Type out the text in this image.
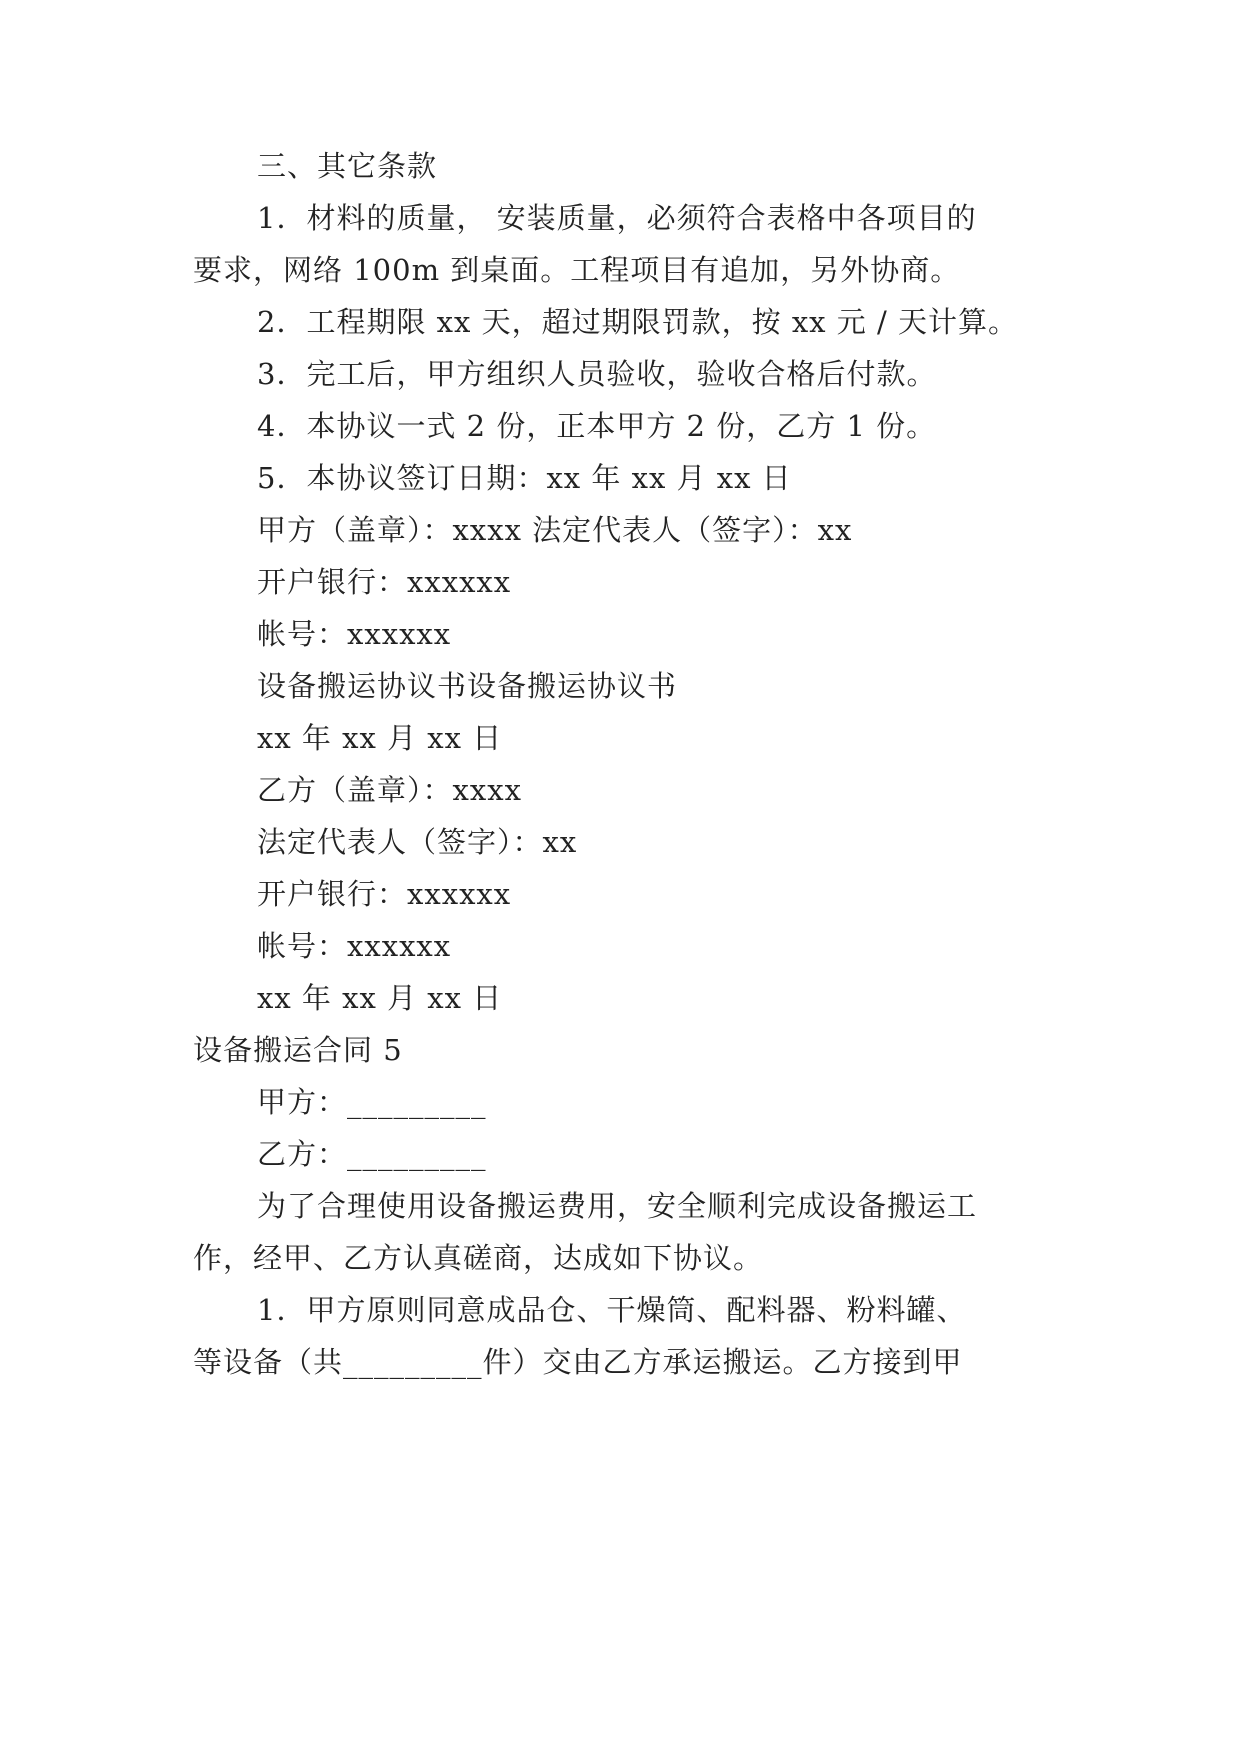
三、其它条款
1．材料的质量， 安装质量，必须符合表格中各项目的
要求，网络 100m 到桌面。工程项目有追加，另外协商。
2．工程期限 xx 天，超过期限罚款，按 xx 元 / 天计算。
3．完工后，甲方组织人员验收，验收合格后付款。
4．本协议一式 2 份，正本甲方 2 份，乙方 1 份。
5．本协议签订日期：xx 年 xx 月 xx 日
甲方（盖章）：xxxx 法定代表人（签字）：xx
开户银行：xxxxxx
帐号：xxxxxx
设备搬运协议书设备搬运协议书
xx 年 xx 月 xx 日
乙方（盖章）：xxxx
法定代表人（签字）：xx
开户银行：xxxxxx
帐号：xxxxxx
xx 年 xx 月 xx 日
设备搬运合同 5
甲方：_________
乙方：_________
为了合理使用设备搬运费用，安全顺利完成设备搬运工
作，经甲、乙方认真磋商，达成如下协议。
1．甲方原则同意成品仓、干燥筒、配料器、粉料罐、
等设备（共_________件）交由乙方承运搬运。乙方接到甲
